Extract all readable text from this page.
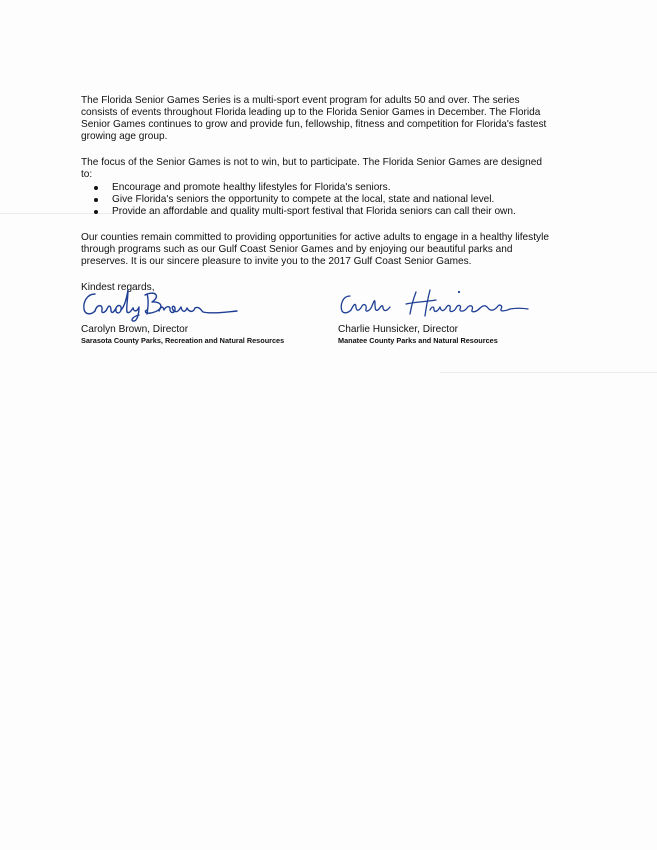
The Florida Senior Games Series is a multi-sport event program for adults 50 and over. The series consists of events throughout Florida leading up to the Florida Senior Games in December. The Florida Senior Games continues to grow and provide fun, fellowship, fitness and competition for Florida's fastest growing age group.

The focus of the Senior Games is not to win, but to participate. The Florida Senior Games are designed to:

Encourage and promote healthy lifestyles for Florida's seniors.
Give Florida's seniors the opportunity to compete at the local, state and national level.
Provide an affordable and quality multi-sport festival that Florida seniors can call their own.

Our counties remain committed to providing opportunities for active adults to engage in a healthy lifestyle through programs such as our Gulf Coast Senior Games and by enjoying our beautiful parks and preserves. It is our sincere pleasure to invite you to the 2017 Gulf Coast Senior Games.

Kindest regards,

Carolyn Brown, Director

Sarasota County Parks, Recreation and Natural Resources

Charlie Hunsicker, Director

Manatee County Parks and Natural Resources
